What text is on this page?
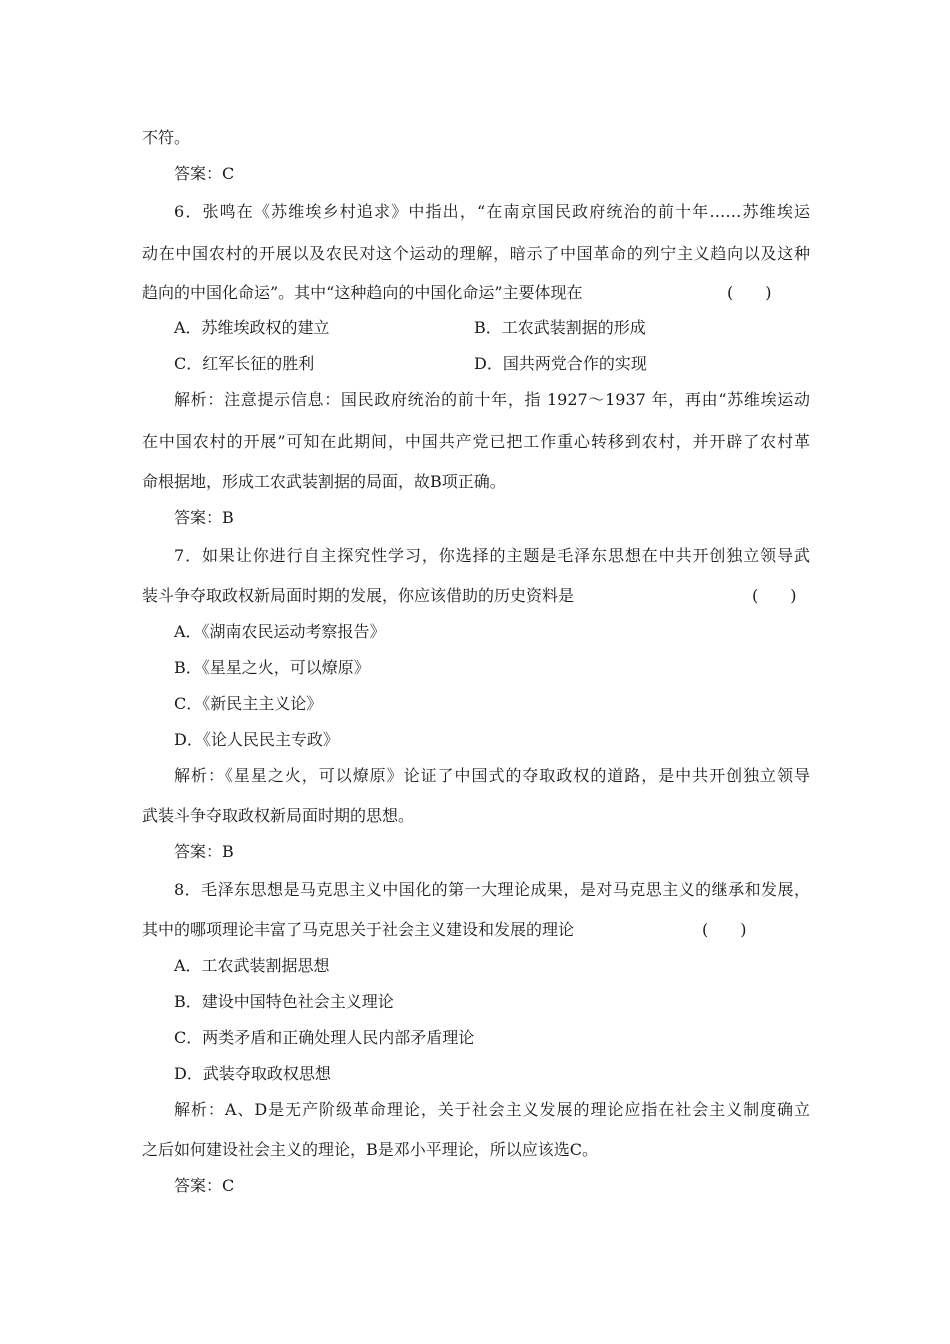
不符。
答案：C
6．张鸣在《苏维埃乡村追求》中指出，“在南京国民政府统治的前十年……苏维埃运
动在中国农村的开展以及农民对这个运动的理解，暗示了中国革命的列宁主义趋向以及这种
趋向的中国化命运”。其中“这种趋向的中国化命运”主要体现在	(　　)
A．苏维埃政权的建立	B．工农武装割据的形成
C．红军长征的胜利	D．国共两党合作的实现
解析：注意提示信息：国民政府统治的前十年，指 1927～1937 年，再由“苏维埃运动
在中国农村的开展”可知在此期间，中国共产党已把工作重心转移到农村，并开辟了农村革
命根据地，形成工农武装割据的局面，故B项正确。
答案：B
7．如果让你进行自主探究性学习，你选择的主题是毛泽东思想在中共开创独立领导武
装斗争夺取政权新局面时期的发展，你应该借助的历史资料是	(　　)
A．《湖南农民运动考察报告》
B．《星星之火，可以燎原》
C．《新民主主义论》
D．《论人民民主专政》
解析：《星星之火，可以燎原》论证了中国式的夺取政权的道路，是中共开创独立领导
武装斗争夺取政权新局面时期的思想。
答案：B
8．毛泽东思想是马克思主义中国化的第一大理论成果，是对马克思主义的继承和发展，
其中的哪项理论丰富了马克思关于社会主义建设和发展的理论	(　　)
A．工农武装割据思想
B．建设中国特色社会主义理论
C．两类矛盾和正确处理人民内部矛盾理论
D．武装夺取政权思想
解析：A、D是无产阶级革命理论，关于社会主义发展的理论应指在社会主义制度确立
之后如何建设社会主义的理论，B是邓小平理论，所以应该选C。
答案：C
